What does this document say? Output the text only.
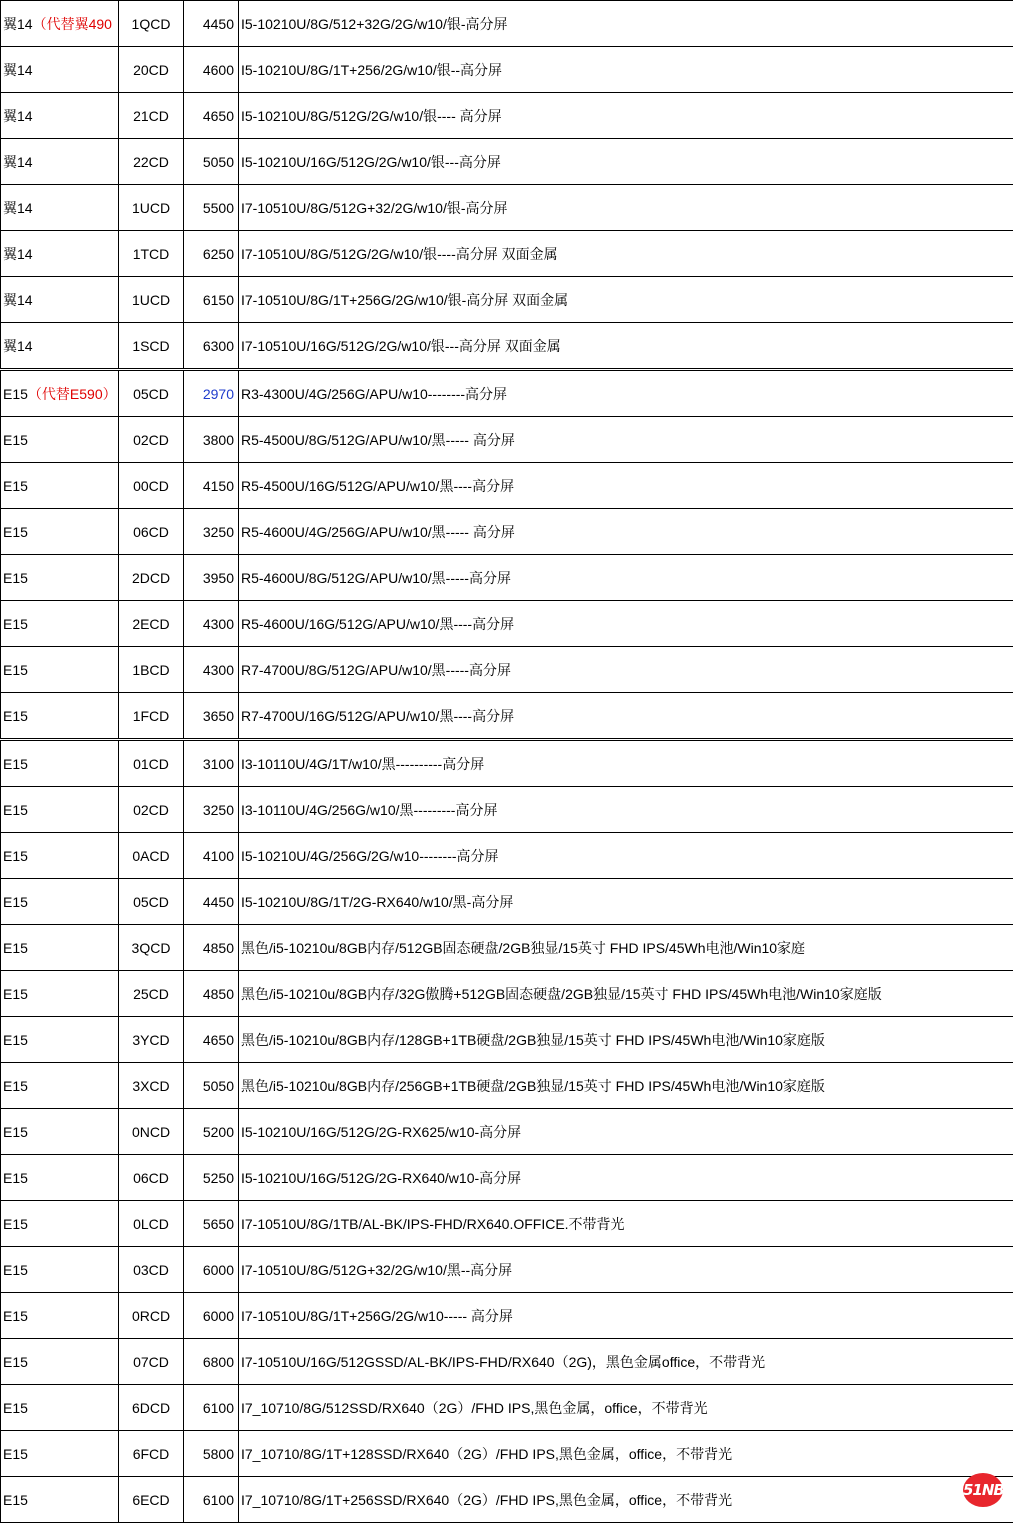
翼14（代替翼490	1QCD	4450	I5-10210U/8G/512+32G/2G/w10/银-高分屏
翼14	20CD	4600	I5-10210U/8G/1T+256/2G/w10/银--高分屏
翼14	21CD	4650	I5-10210U/8G/512G/2G/w10/银---- 高分屏
翼14	22CD	5050	I5-10210U/16G/512G/2G/w10/银---高分屏
翼14	1UCD	5500	I7-10510U/8G/512G+32/2G/w10/银-高分屏
翼14	1TCD	6250	I7-10510U/8G/512G/2G/w10/银----高分屏 双面金属
翼14	1UCD	6150	I7-10510U/8G/1T+256G/2G/w10/银-高分屏 双面金属
翼14	1SCD	6300	I7-10510U/16G/512G/2G/w10/银---高分屏 双面金属
E15（代替E590）	05CD	2970	R3-4300U/4G/256G/APU/w10--------高分屏
E15	02CD	3800	R5-4500U/8G/512G/APU/w10/黑----- 高分屏
E15	00CD	4150	R5-4500U/16G/512G/APU/w10/黑----高分屏
E15	06CD	3250	R5-4600U/4G/256G/APU/w10/黑----- 高分屏
E15	2DCD	3950	R5-4600U/8G/512G/APU/w10/黑-----高分屏
E15	2ECD	4300	R5-4600U/16G/512G/APU/w10/黑----高分屏
E15	1BCD	4300	R7-4700U/8G/512G/APU/w10/黑-----高分屏
E15	1FCD	3650	R7-4700U/16G/512G/APU/w10/黑----高分屏
E15	01CD	3100	I3-10110U/4G/1T/w10/黑----------高分屏
E15	02CD	3250	I3-10110U/4G/256G/w10/黑---------高分屏
E15	0ACD	4100	I5-10210U/4G/256G/2G/w10--------高分屏
E15	05CD	4450	I5-10210U/8G/1T/2G-RX640/w10/黑-高分屏
E15	3QCD	4850	黑色/i5-10210u/8GB内存/512GB固态硬盘/2GB独显/15英寸 FHD IPS/45Wh电池/Win10家庭
E15	25CD	4850	黑色/i5-10210u/8GB内存/32G傲腾+512GB固态硬盘/2GB独显/15英寸 FHD IPS/45Wh电池/Win10家庭版
E15	3YCD	4650	黑色/i5-10210u/8GB内存/128GB+1TB硬盘/2GB独显/15英寸 FHD IPS/45Wh电池/Win10家庭版
E15	3XCD	5050	黑色/i5-10210u/8GB内存/256GB+1TB硬盘/2GB独显/15英寸 FHD IPS/45Wh电池/Win10家庭版
E15	0NCD	5200	I5-10210U/16G/512G/2G-RX625/w10-高分屏
E15	06CD	5250	I5-10210U/16G/512G/2G-RX640/w10-高分屏
E15	0LCD	5650	I7-10510U/8G/1TB/AL-BK/IPS-FHD/RX640.OFFICE.不带背光
E15	03CD	6000	I7-10510U/8G/512G+32/2G/w10/黑--高分屏
E15	0RCD	6000	I7-10510U/8G/1T+256G/2G/w10----- 高分屏
E15	07CD	6800	I7-10510U/16G/512GSSD/AL-BK/IPS-FHD/RX640（2G)，黑色金属office，不带背光
E15	6DCD	6100	I7_10710/8G/512SSD/RX640（2G）/FHD IPS,黑色金属，office，不带背光
E15	6FCD	5800	I7_10710/8G/1T+128SSD/RX640（2G）/FHD IPS,黑色金属，office，不带背光
E15	6ECD	6100	I7_10710/8G/1T+256SSD/RX640（2G）/FHD IPS,黑色金属，office，不带背光
51NB
